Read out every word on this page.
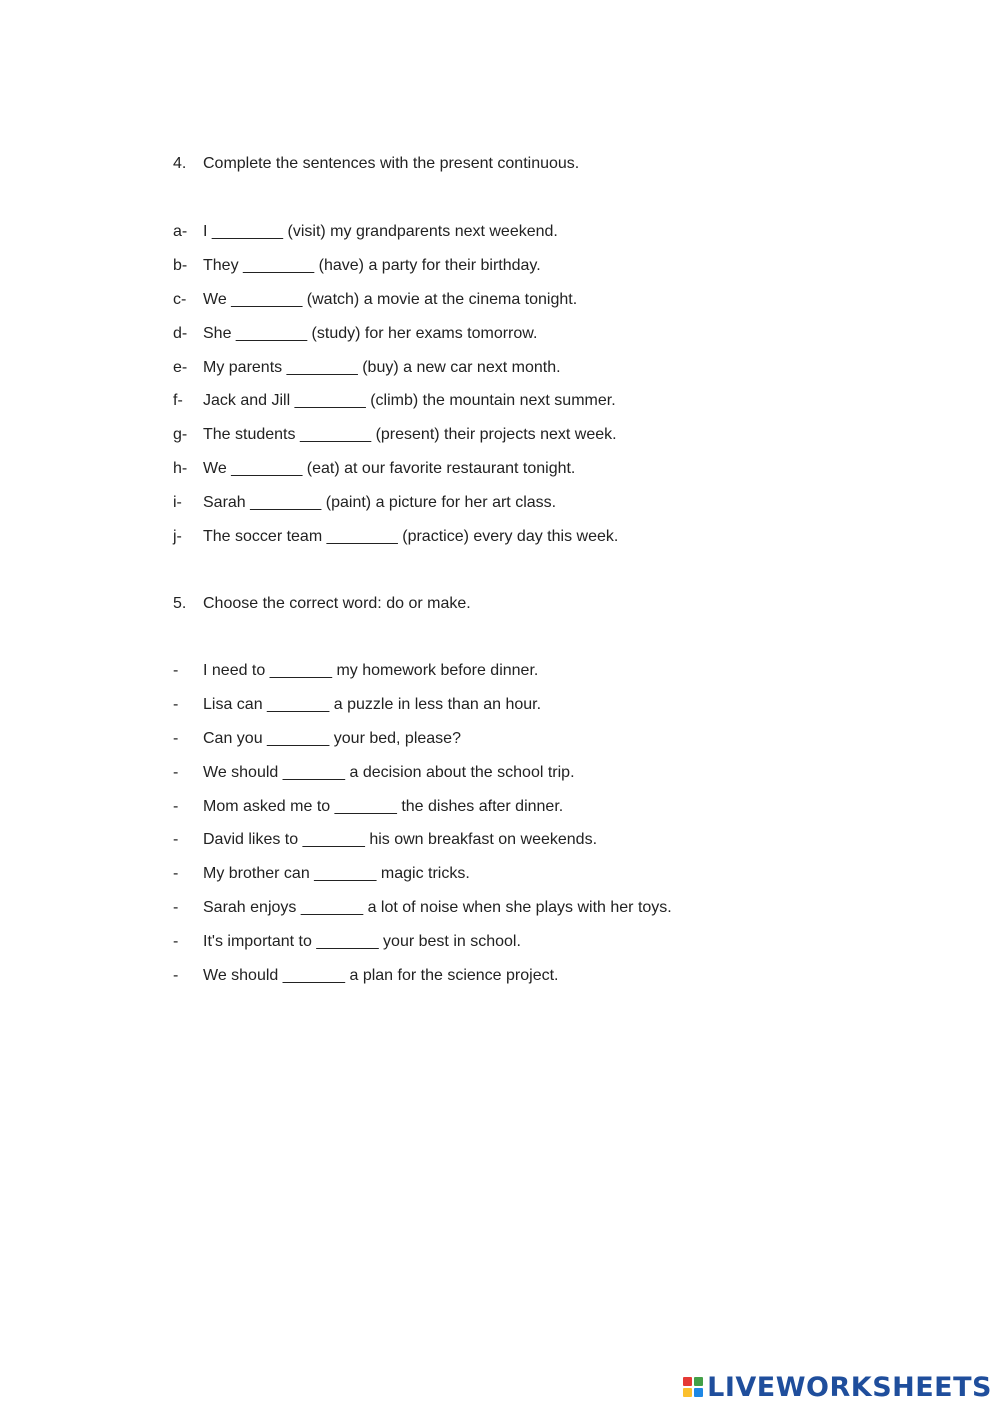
4.	Complete the sentences with the present continuous.
a- I ________ (visit) my grandparents next weekend.
b- They ________ (have) a party for their birthday.
c-	We ________ (watch) a movie at the cinema tonight.
d- She ________ (study) for her exams tomorrow.
e- My parents ________ (buy) a new car next month.
f-	Jack and Jill ________ (climb) the mountain next summer.
g- The students ________ (present) their projects next week.
h- We ________ (eat) at our favorite restaurant tonight.
i-	Sarah ________ (paint) a picture for her art class.
j-	The soccer team ________ (practice) every day this week.
5.	Choose the correct word: do or make.
-	I need to _______ my homework before dinner.
-	Lisa can _______ a puzzle in less than an hour.
-	Can you _______ your bed, please?
-	We should _______ a decision about the school trip.
-	Mom asked me to _______ the dishes after dinner.
-	David likes to _______ his own breakfast on weekends.
-	My brother can _______ magic tricks.
-	Sarah enjoys _______ a lot of noise when she plays with her toys.
-	It's important to _______ your best in school.
-	We should _______ a plan for the science project.
LIVEWORKSHEETS
